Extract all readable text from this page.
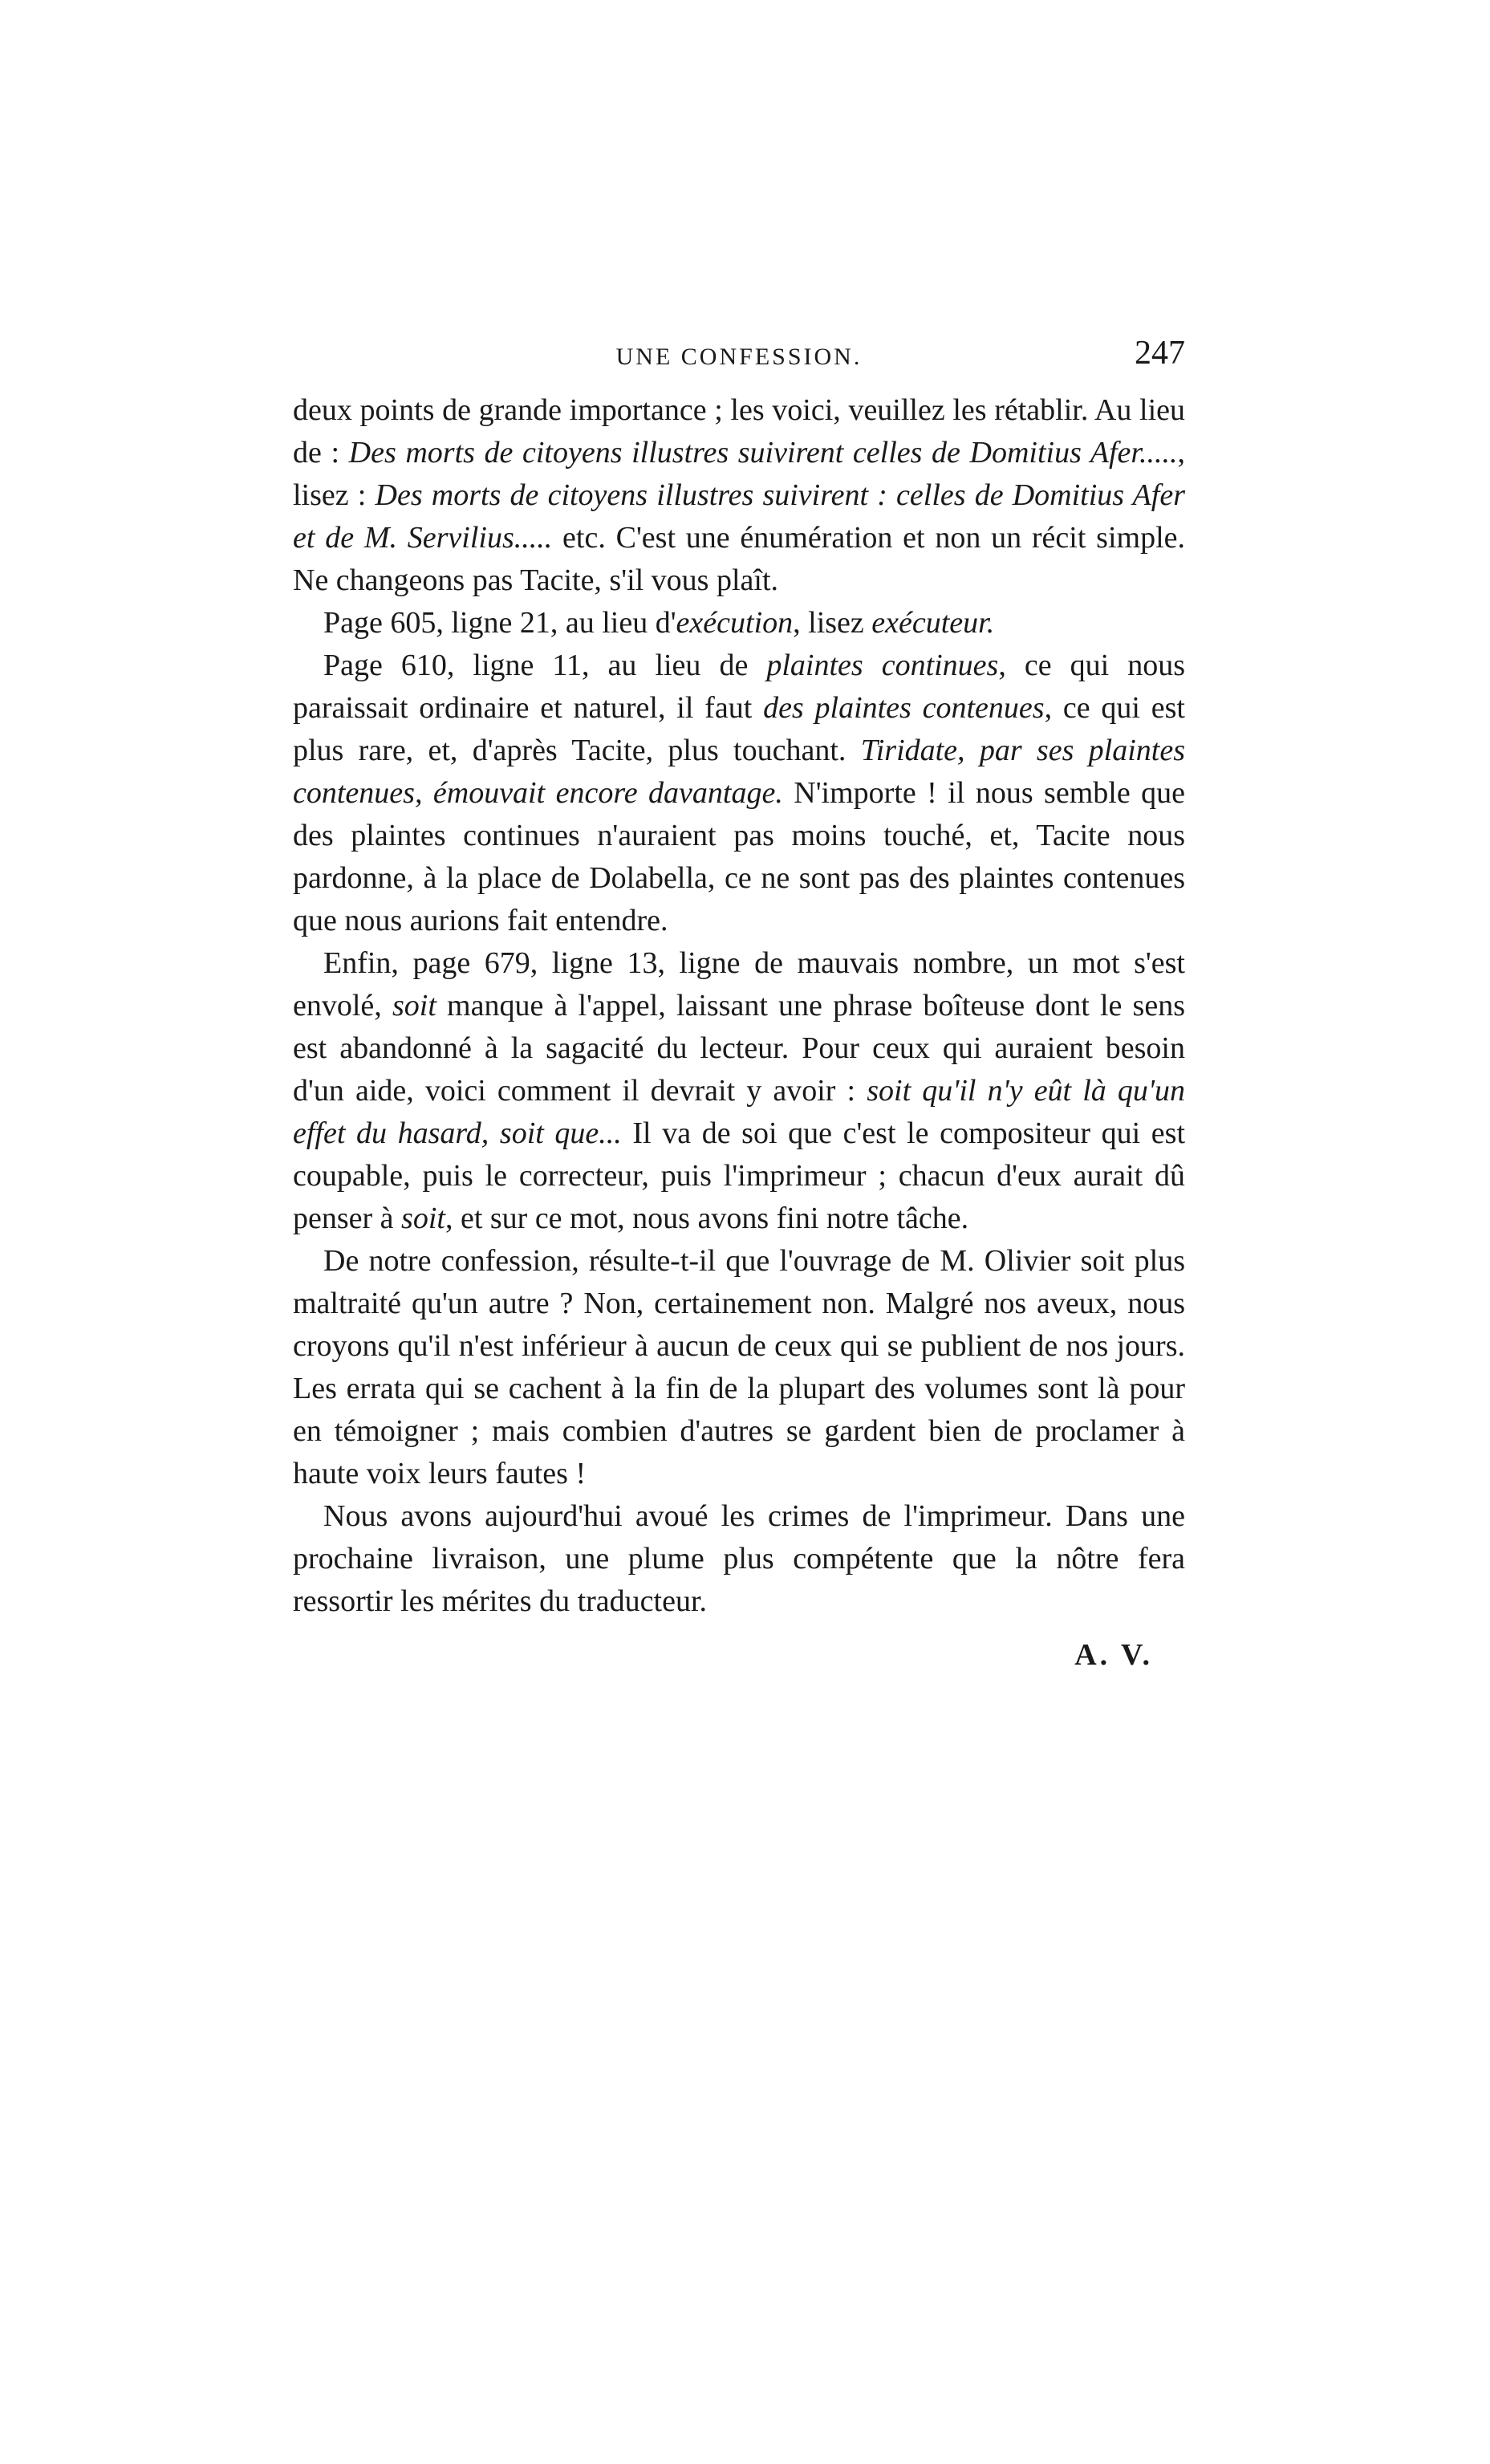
UNE CONFESSION.	247

deux points de grande importance ; les voici, veuillez les rétablir. Au lieu de : Des morts de citoyens illustres suivirent celles de Domitius Afer....., lisez : Des morts de citoyens illustres suivirent : celles de Domitius Afer et de M. Servilius..... etc. C'est une énumération et non un récit simple. Ne changeons pas Tacite, s'il vous plaît.

Page 605, ligne 21, au lieu d'exécution, lisez exécuteur.

Page 610, ligne 11, au lieu de plaintes continues, ce qui nous paraissait ordinaire et naturel, il faut des plaintes contenues, ce qui est plus rare, et, d'après Tacite, plus touchant. Tiridate, par ses plaintes contenues, émouvait encore davantage. N'importe ! il nous semble que des plaintes continues n'auraient pas moins touché, et, Tacite nous pardonne, à la place de Dolabella, ce ne sont pas des plaintes contenues que nous aurions fait entendre.

Enfin, page 679, ligne 13, ligne de mauvais nombre, un mot s'est envolé, soit manque à l'appel, laissant une phrase boîteuse dont le sens est abandonné à la sagacité du lecteur. Pour ceux qui auraient besoin d'un aide, voici comment il devrait y avoir : soit qu'il n'y eût là qu'un effet du hasard, soit que... Il va de soi que c'est le compositeur qui est coupable, puis le correcteur, puis l'imprimeur ; chacun d'eux aurait dû penser à soit, et sur ce mot, nous avons fini notre tâche.

De notre confession, résulte-t-il que l'ouvrage de M. Olivier soit plus maltraité qu'un autre ? Non, certainement non. Malgré nos aveux, nous croyons qu'il n'est inférieur à aucun de ceux qui se publient de nos jours. Les errata qui se cachent à la fin de la plupart des volumes sont là pour en témoigner ; mais combien d'autres se gardent bien de proclamer à haute voix leurs fautes !

Nous avons aujourd'hui avoué les crimes de l'imprimeur. Dans une prochaine livraison, une plume plus compétente que la nôtre fera ressortir les mérites du traducteur.

A. V.
